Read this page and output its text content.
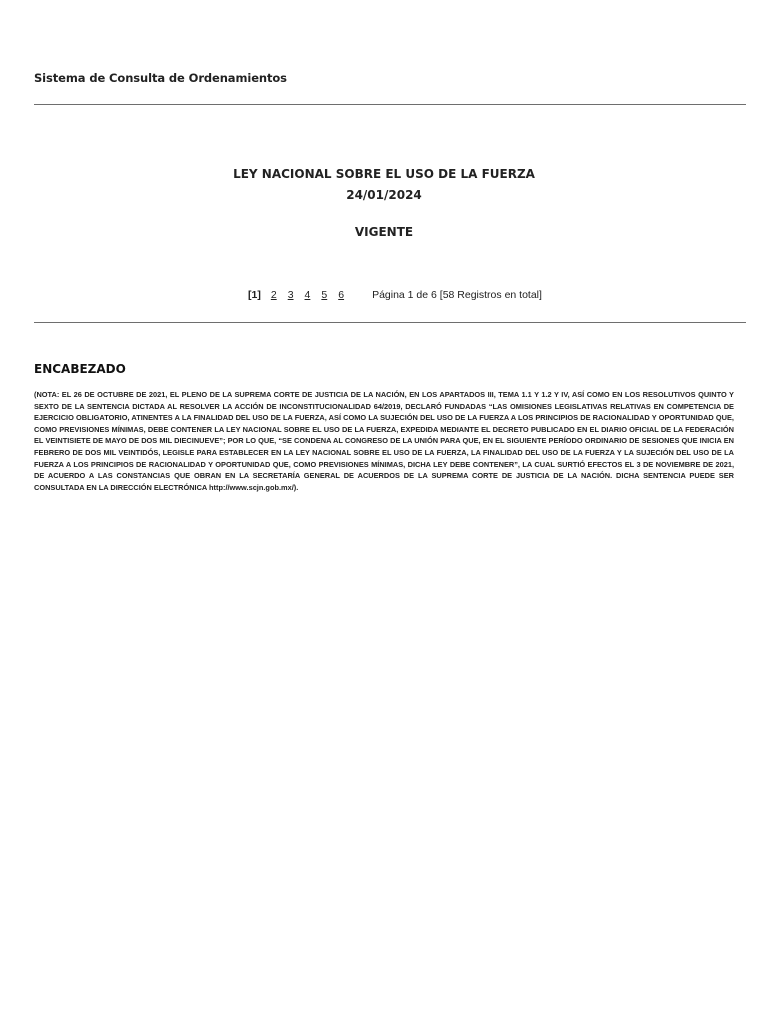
Sistema de Consulta de Ordenamientos
LEY NACIONAL SOBRE EL USO DE LA FUERZA
24/01/2024
VIGENTE
[1] 2 3 4 5 6	Página 1 de 6 [58 Registros en total]
ENCABEZADO

(NOTA: EL 26 DE OCTUBRE DE 2021, EL PLENO DE LA SUPREMA CORTE DE JUSTICIA DE LA NACIÓN, EN LOS APARTADOS III, TEMA 1.1 Y 1.2 Y IV, ASÍ COMO EN LOS RESOLUTIVOS QUINTO Y SEXTO DE LA SENTENCIA DICTADA AL RESOLVER LA ACCIÓN DE INCONSTITUCIONALIDAD 64/2019, DECLARÓ FUNDADAS “LAS OMISIONES LEGISLATIVAS RELATIVAS EN COMPETENCIA DE EJERCICIO OBLIGATORIO, ATINENTES A LA FINALIDAD DEL USO DE LA FUERZA, ASÍ COMO LA SUJECIÓN DEL USO DE LA FUERZA A LOS PRINCIPIOS DE RACIONALIDAD Y OPORTUNIDAD QUE, COMO PREVISIONES MÍNIMAS, DEBE CONTENER LA LEY NACIONAL SOBRE EL USO DE LA FUERZA, EXPEDIDA MEDIANTE EL DECRETO PUBLICADO EN EL DIARIO OFICIAL DE LA FEDERACIÓN EL VEINTISIETE DE MAYO DE DOS MIL DIECINUEVE”; POR LO QUE, “SE CONDENA AL CONGRESO DE LA UNIÓN PARA QUE, EN EL SIGUIENTE PERÍODO ORDINARIO DE SESIONES QUE INICIA EN FEBRERO DE DOS MIL VEINTIDÓS, LEGISLE PARA ESTABLECER EN LA LEY NACIONAL SOBRE EL USO DE LA FUERZA, LA FINALIDAD DEL USO DE LA FUERZA Y LA SUJECIÓN DEL USO DE LA FUERZA A LOS PRINCIPIOS DE RACIONALIDAD Y OPORTUNIDAD QUE, COMO PREVISIONES MÍNIMAS, DICHA LEY DEBE CONTENER”, LA CUAL SURTIÓ EFECTOS EL 3 DE NOVIEMBRE DE 2021, DE ACUERDO A LAS CONSTANCIAS QUE OBRAN EN LA SECRETARÍA GENERAL DE ACUERDOS DE LA SUPREMA CORTE DE JUSTICIA DE LA NACIÓN. DICHA SENTENCIA PUEDE SER CONSULTADA EN LA DIRECCIÓN ELECTRÓNICA http://www.scjn.gob.mx/).
